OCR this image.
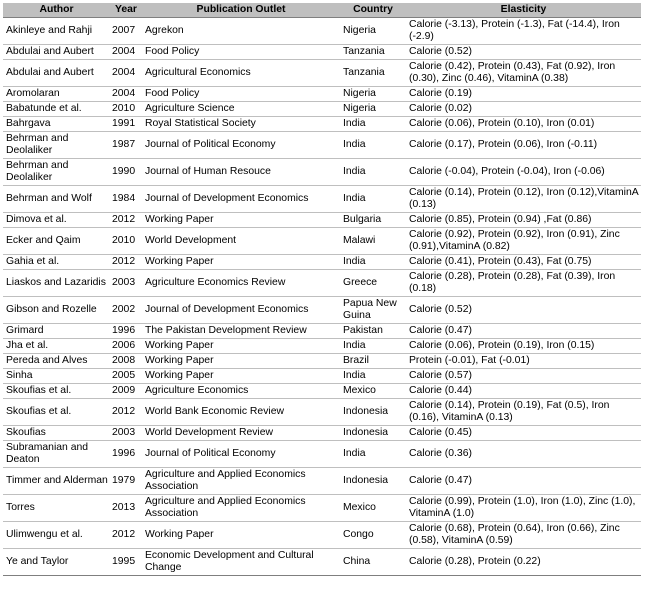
Author	Year	Publication Outlet	Country	Elasticity
Akinleye and Rahji	2007	Agrekon	Nigeria	Calorie (-3.13), Protein (-1.3), Fat (-14.4), Iron (-2.9)
Abdulai and Aubert	2004	Food Policy	Tanzania	Calorie (0.52)
Abdulai and Aubert	2004	Agricultural Economics	Tanzania	Calorie (0.42), Protein (0.43), Fat (0.92), Iron (0.30), Zinc (0.46), VitaminA (0.38)
Aromolaran	2004	Food Policy	Nigeria	Calorie (0.19)
Babatunde et al.	2010	Agriculture Science	Nigeria	Calorie (0.02)
Bahrgava	1991	Royal Statistical Society	India	Calorie (0.06), Protein (0.10), Iron (0.01)
Behrman and Deolaliker	1987	Journal of Political Economy	India	Calorie (0.17), Protein (0.06), Iron (-0.11)
Behrman and Deolaliker	1990	Journal of Human Resouce	India	Calorie (-0.04), Protein (-0.04), Iron (-0.06)
Behrman and Wolf	1984	Journal of Development Economics	India	Calorie (0.14), Protein (0.12), Iron (0.12),VitaminA (0.13)
Dimova et al.	2012	Working Paper	Bulgaria	Calorie (0.85), Protein (0.94) ,Fat (0.86)
Ecker and Qaim	2010	World Development	Malawi	Calorie (0.92), Protein (0.92), Iron (0.91), Zinc (0.91),VitaminA (0.82)
Gahia et al.	2012	Working Paper	India	Calorie (0.41), Protein (0.43), Fat (0.75)
Liaskos and Lazaridis	2003	Agriculture Economics Review	Greece	Calorie (0.28), Protein (0.28), Fat (0.39), Iron (0.18)
Gibson and Rozelle	2002	Journal of Development Economics	Papua New Guina	Calorie (0.52)
Grimard	1996	The Pakistan Development Review	Pakistan	Calorie (0.47)
Jha et al.	2006	Working Paper	India	Calorie (0.06), Protein (0.19), Iron (0.15)
Pereda and Alves	2008	Working Paper	Brazil	Protein (-0.01), Fat (-0.01)
Sinha	2005	Working Paper	India	Calorie (0.57)
Skoufias et al.	2009	Agriculture Economics	Mexico	Calorie (0.44)
Skoufias et al.	2012	World Bank Economic Review	Indonesia	Calorie (0.14), Protein (0.19), Fat (0.5), Iron (0.16), VitaminA (0.13)
Skoufias	2003	World Development Review	Indonesia	Calorie (0.45)
Subramanian and Deaton	1996	Journal of Political Economy	India	Calorie (0.36)
Timmer and Alderman	1979	Agriculture and Applied Economics Association	Indonesia	Calorie (0.47)
Torres	2013	Agriculture and Applied Economics Association	Mexico	Calorie (0.99), Protein (1.0), Iron (1.0), Zinc (1.0), VitaminA (1.0)
Ulimwengu et al.	2012	Working Paper	Congo	Calorie (0.68), Protein (0.64), Iron (0.66), Zinc (0.58), VitaminA (0.59)
Ye and Taylor	1995	Economic Development and Cultural Change	China	Calorie (0.28), Protein (0.22)
